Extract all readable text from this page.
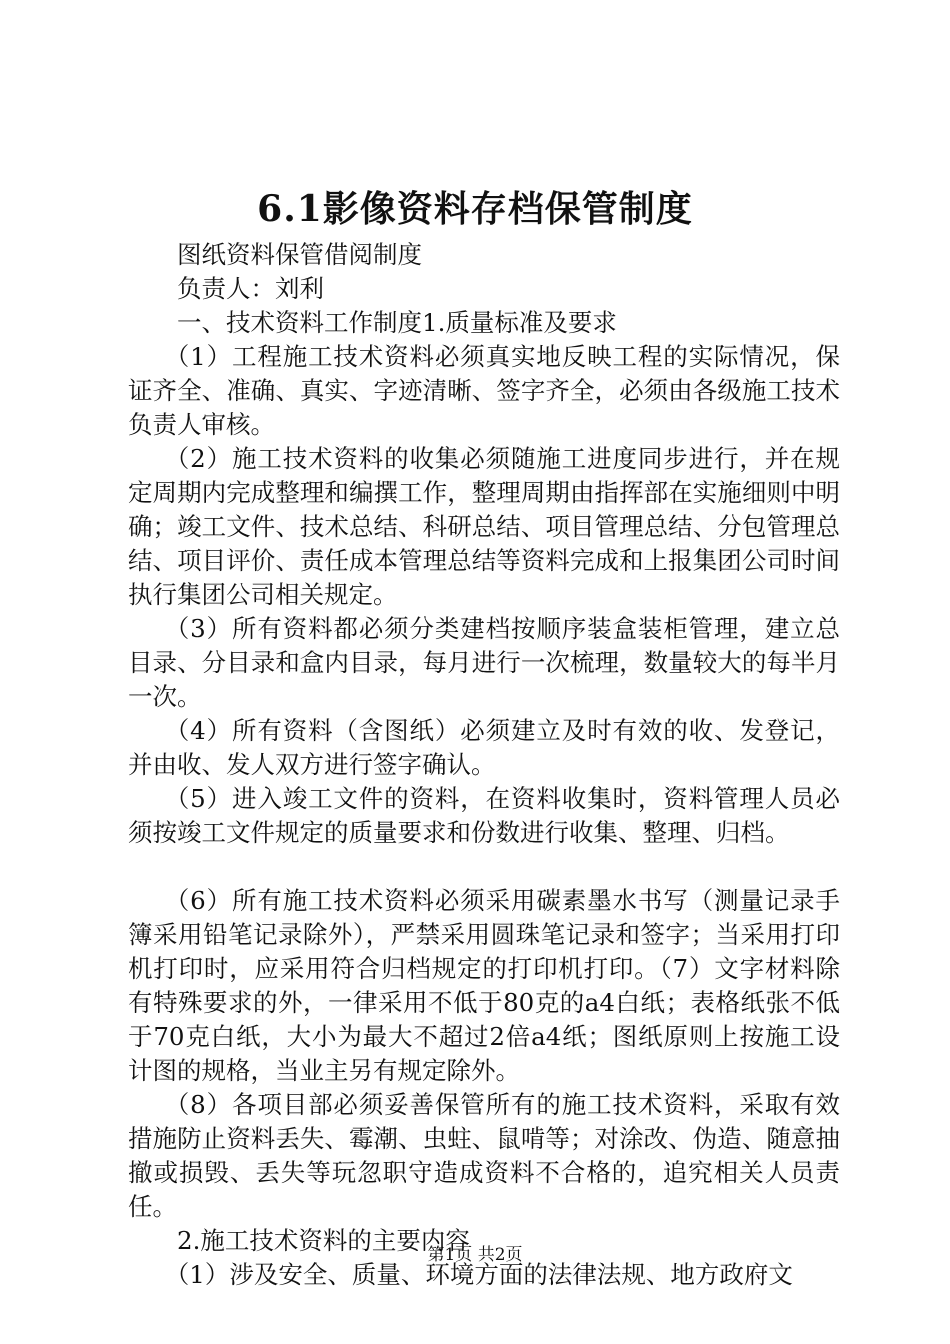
6.1影像资料存档保管制度

图纸资料保管借阅制度

负责人：刘利

一、技术资料工作制度1.质量标准及要求

（1）工程施工技术资料必须真实地反映工程的实际情况，保证齐全、准确、真实、字迹清晰、签字齐全，必须由各级施工技术负责人审核。

（2）施工技术资料的收集必须随施工进度同步进行，并在规定周期内完成整理和编撰工作，整理周期由指挥部在实施细则中明确；竣工文件、技术总结、科研总结、项目管理总结、分包管理总结、项目评价、责任成本管理总结等资料完成和上报集团公司时间执行集团公司相关规定。

（3）所有资料都必须分类建档按顺序装盒装柜管理，建立总目录、分目录和盒内目录，每月进行一次梳理，数量较大的每半月一次。

（4）所有资料（含图纸）必须建立及时有效的收、发登记，并由收、发人双方进行签字确认。

（5）进入竣工文件的资料，在资料收集时，资料管理人员必须按竣工文件规定的质量要求和份数进行收集、整理、归档。

（6）所有施工技术资料必须采用碳素墨水书写（测量记录手簿采用铅笔记录除外），严禁采用圆珠笔记录和签字；当采用打印机打印时，应采用符合归档规定的打印机打印。（7）文字材料除有特殊要求的外，一律采用不低于80克的a4白纸；表格纸张不低于70克白纸，大小为最大不超过2倍a4纸；图纸原则上按施工设计图的规格，当业主另有规定除外。

（8）各项目部必须妥善保管所有的施工技术资料，采取有效措施防止资料丢失、霉潮、虫蛀、鼠啃等；对涂改、伪造、随意抽撤或损毁、丢失等玩忽职守造成资料不合格的，追究相关人员责任。

2.施工技术资料的主要内容

（1）涉及安全、质量、环境方面的法律法规、地方政府文

第1页 共2页
